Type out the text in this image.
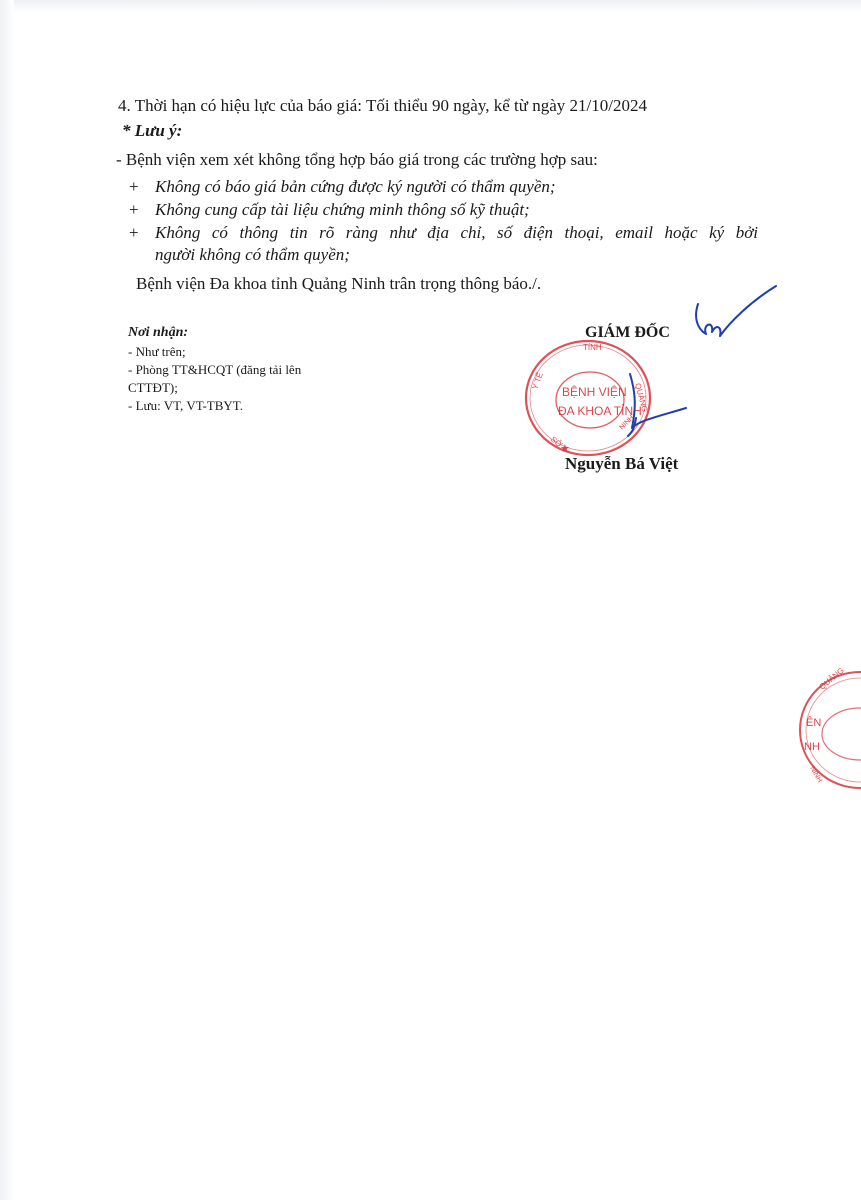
4. Thời hạn có hiệu lực của báo giá: Tối thiểu 90 ngày, kể từ ngày 21/10/2024
* Lưu ý:
- Bệnh viện xem xét không tổng hợp báo giá trong các trường hợp sau:
+ Không có báo giá bản cứng được ký người có thẩm quyền;
+ Không cung cấp tài liệu chứng minh thông số kỹ thuật;
+ Không có thông tin rõ ràng như địa chỉ, số điện thoại, email hoặc ký bởi
người không có thẩm quyền;
Bệnh viện Đa khoa tỉnh Quảng Ninh trân trọng thông báo./.
Nơi nhận:
- Như trên;
- Phòng TT&HCQT (đăng tải lên
CTTĐT);
- Lưu: VT, VT-TBYT.
TỈNH
Y TẾ
QUẢNG
SỞ
NINH
BỆNH VIỆN
ĐA KHOA TỈNH
★
GIÁM ĐỐC
Nguyễn Bá Việt
ÊN
NH
QUẢNG
NINH
